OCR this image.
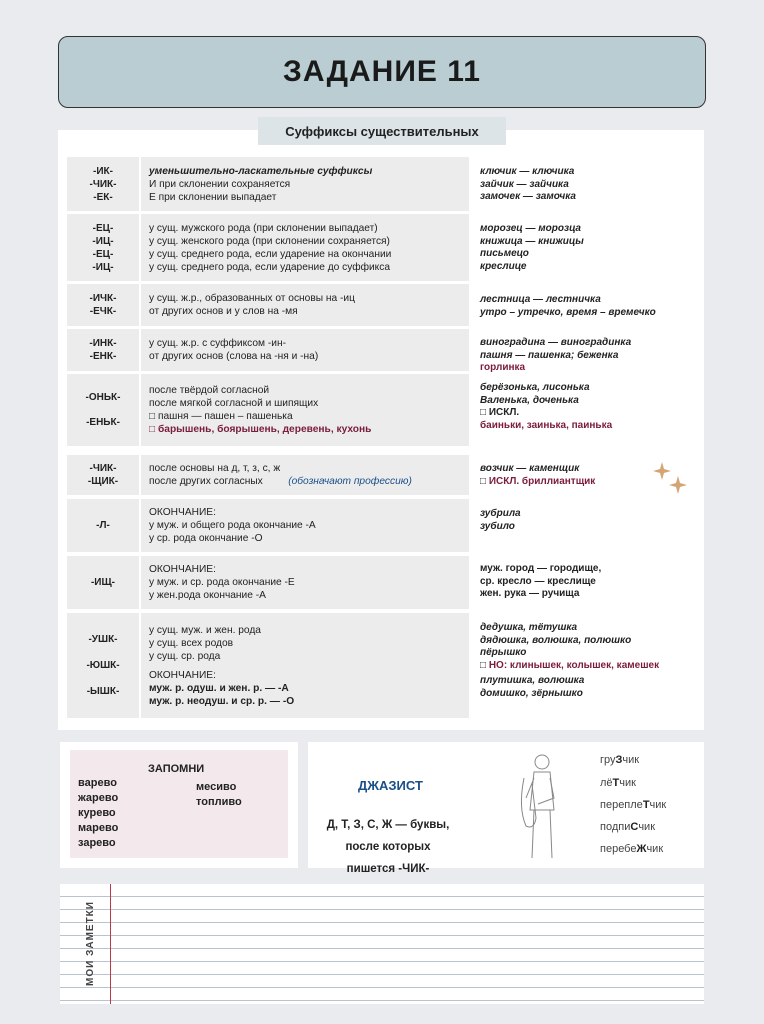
ЗАДАНИЕ 11
Суффиксы существительных
-ИК-
-ЧИК-
-ЕК-
уменьшительно-ласкательные суффиксы
И при склонении сохраняется
Е при склонении выпадает
ключик — ключика
зайчик — зайчика
замочек — замочка
-ЕЦ-
-ИЦ-
-ЕЦ-
-ИЦ-
у сущ. мужского рода (при склонении выпадает)
у сущ. женского рода (при склонении сохраняется)
у сущ. среднего рода, если ударение на окончании
у сущ. среднего рода, если ударение до суффикса
морозец — морозца
книжица — книжицы
письмецо
креслице
-ИЧК-
-ЕЧК-
у сущ. ж.р., образованных от основы на -иц
от других основ и у слов на -мя
лестница — лестничка
утро – утречко, время – времечко
-ИНК-
-ЕНК-
у сущ. ж.р. с суффиксом -ин-
от других основ (слова на -ня и -на)
виноградина — виноградинка
пашня — пашенка; беженка
горлинка
-ОНЬК-
-ЕНЬК-
после твёрдой согласной
после мягкой согласной и шипящих
□ пашня — пашен – пашенька
□ барышень, боярышень, деревень, кухонь
берёзонька, лисонька
Валенька, доченька
□ ИСКЛ.
баиньки, заинька, паинька
-ЧИК-
-ЩИК-
после основы на д, т, з, с, ж
после других согласных (обозначают профессию)
возчик — каменщик
□ ИСКЛ. бриллиантщик
-Л-
ОКОНЧАНИЕ:
у муж. и общего рода окончание -А
у ср. рода окончание -О
зубрила
зубило
-ИЩ-
ОКОНЧАНИЕ:
у муж. и ср. рода окончание -Е
у жен.рода окончание -А
муж. город — городище,
ср. кресло — креслище
жен. рука — ручища
-УШК-
-ЮШК-
-ЫШК-
у сущ. муж. и жен. рода
у сущ. всех родов
у сущ. ср. рода
ОКОНЧАНИЕ:
муж. р. одуш. и жен. р. — -А
муж. р. неодуш. и ср. р. — -О
дедушка, тётушка
дядюшка, волюшка, полюшко
пёрышко
□ НО: клинышек, колышек, камешек
плутишка, волюшка
домишко, зёрнышко
ЗАПОМНИ
варево
жарево
курево
марево
зарево
месиво
топливо
ДЖАЗИСТ
Д, Т, З, С, Ж — буквы, после которых пишется -ЧИК-
груЗчик
лёТчик
переплеТчик
подпиСчик
перебеЖчик
МОИ ЗАМЕТКИ
